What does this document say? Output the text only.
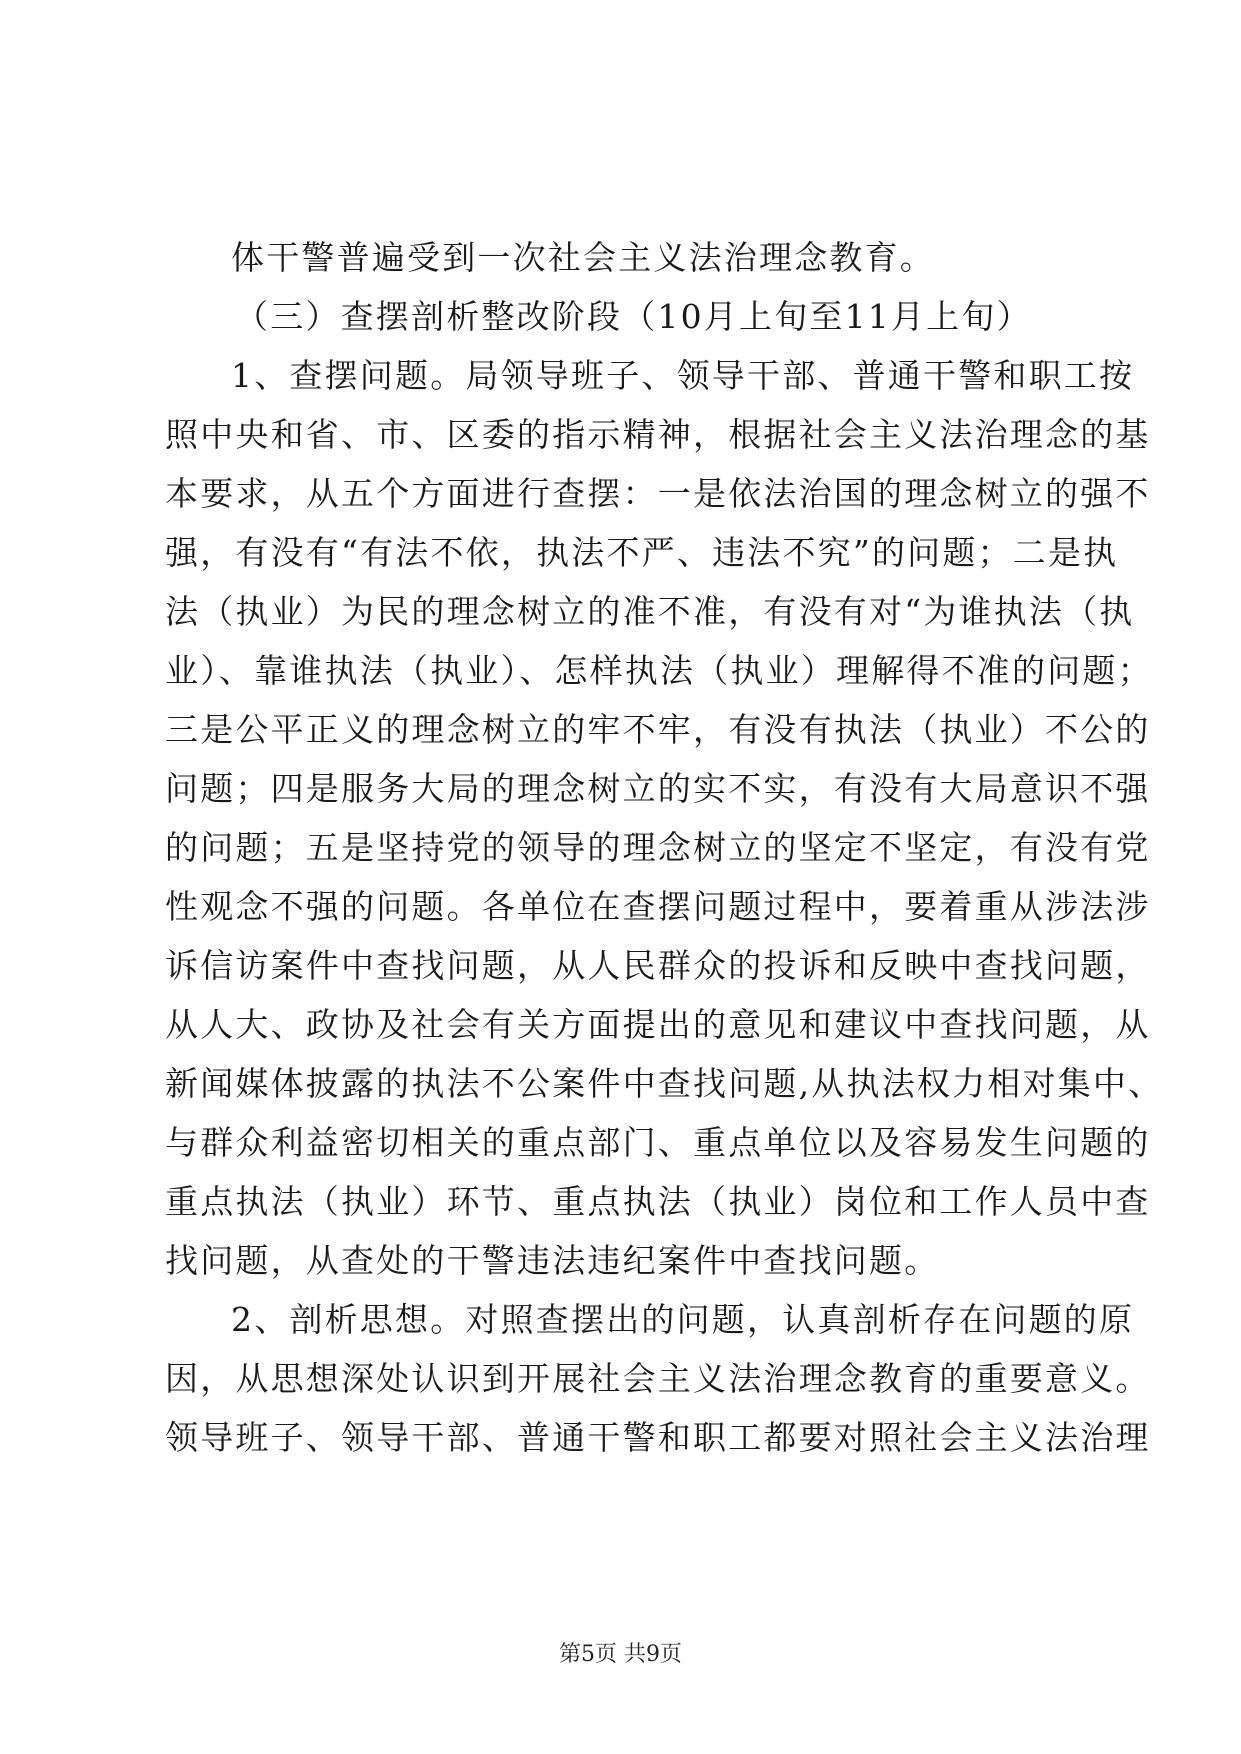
体干警普遍受到一次社会主义法治理念教育。
（三）查摆剖析整改阶段（10月上旬至11月上旬）
1、查摆问题。局领导班子、领导干部、普通干警和职工按
照中央和省、市、区委的指示精神，根据社会主义法治理念的基
本要求，从五个方面进行查摆：一是依法治国的理念树立的强不
强，有没有“有法不依，执法不严、违法不究”的问题；二是执
法（执业）为民的理念树立的准不准，有没有对“为谁执法（执
业）、靠谁执法（执业）、怎样执法（执业）理解得不准的问题；
三是公平正义的理念树立的牢不牢，有没有执法（执业）不公的
问题；四是服务大局的理念树立的实不实，有没有大局意识不强
的问题；五是坚持党的领导的理念树立的坚定不坚定，有没有党
性观念不强的问题。各单位在查摆问题过程中，要着重从涉法涉
诉信访案件中查找问题，从人民群众的投诉和反映中查找问题，
从人大、政协及社会有关方面提出的意见和建议中查找问题，从
新闻媒体披露的执法不公案件中查找问题,从执法权力相对集中、
与群众利益密切相关的重点部门、重点单位以及容易发生问题的
重点执法（执业）环节、重点执法（执业）岗位和工作人员中查
找问题，从查处的干警违法违纪案件中查找问题。
2、剖析思想。对照查摆出的问题，认真剖析存在问题的原
因，从思想深处认识到开展社会主义法治理念教育的重要意义。
领导班子、领导干部、普通干警和职工都要对照社会主义法治理
第5页 共9页
